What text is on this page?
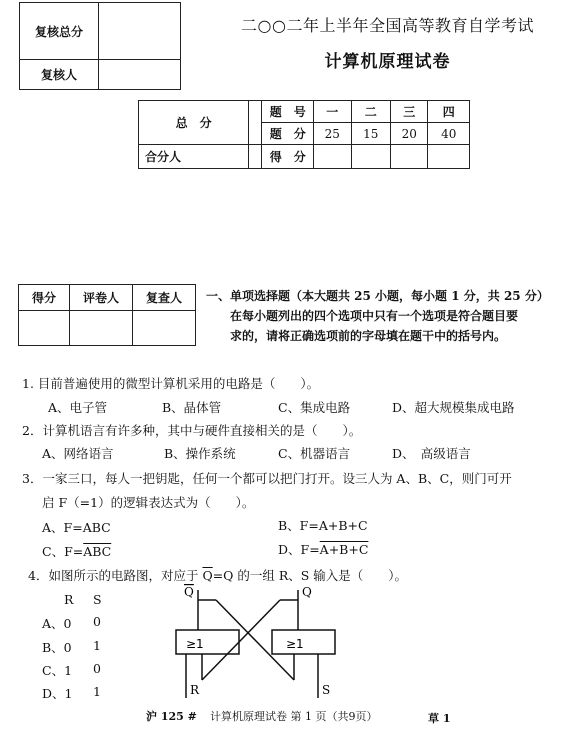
复核总分	
复核人	
二○○二年上半年全国高等教育自学考试
计算机原理试卷
总　分		题　号	一	二	三	四
		题　分	25	15	20	40
合分人		得　分				
得分	评卷人	复查人
		一、单项选择题（本大题共 25 小题，每小题 1 分，共 25 分）
在每小题列出的四个选项中只有一个选项是符合题目要
求的，请将正确选项前的字母填在题干中的括号内。
1. 目前普遍使用的微型计算机采用的电路是（　　）。
A、电子管	B、晶体管	C、集成电路	D、超大规模集成电路
2．计算机语言有许多种，其中与硬件直接相关的是（　　）。
A、网络语言	B、操作系统	C、机器语言	D、　高级语言
3．一家三口，每人一把钥匙，任何一个都可以把门打开。设三人为 A、B、C，则门可开
启 F（=1）的逻辑表达式为（　　）。
A、F=ABC	B、F=A+B+C
C、$F=\overline{ABC}$	D、F=A+B+C
4．如图所示的电路图，对应于 $\overline{Q}=Q$ 的一组 R、S 输入是（　　）。
R S
A、0 0
B、0 1
C、1 0
D、1 1
≥1	≥1
Q	Q
R	S
沪 125 # 计算机原理试卷 第 1 页（共9页）	草 1
